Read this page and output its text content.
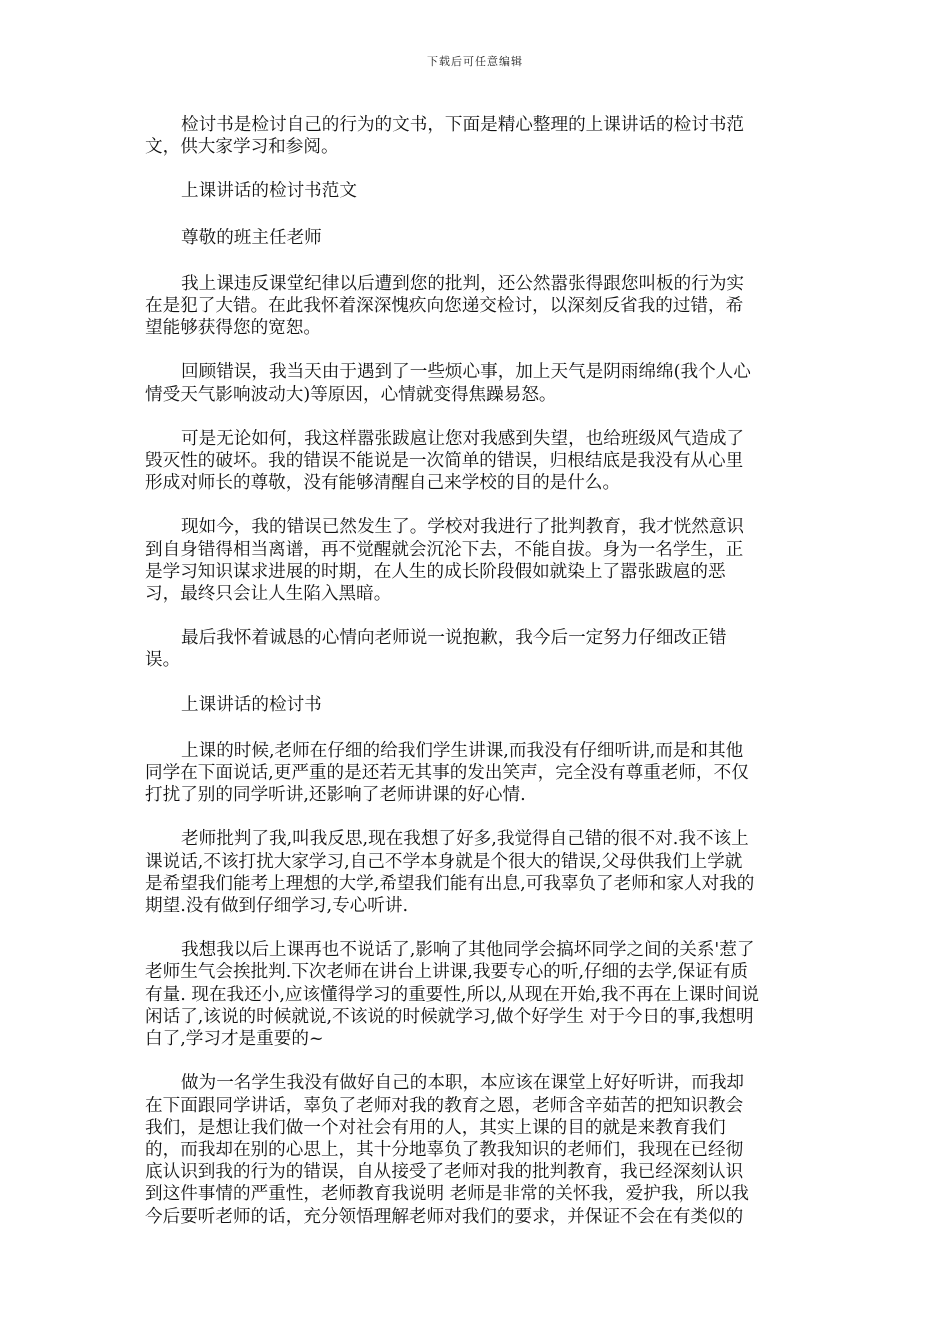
下载后可任意编辑

检讨书是检讨自己的行为的文书，下面是精心整理的上课讲话的检讨书范
文，供大家学习和参阅。

上课讲话的检讨书范文

尊敬的班主任老师

我上课违反课堂纪律以后遭到您的批判，还公然嚣张得跟您叫板的行为实
在是犯了大错。在此我怀着深深愧疚向您递交检讨，以深刻反省我的过错，希
望能够获得您的宽恕。

回顾错误，我当天由于遇到了一些烦心事，加上天气是阴雨绵绵(我个人心
情受天气影响波动大)等原因，心情就变得焦躁易怒。

可是无论如何，我这样嚣张跋扈让您对我感到失望，也给班级风气造成了
毁灭性的破坏。我的错误不能说是一次简单的错误，归根结底是我没有从心里
形成对师长的尊敬，没有能够清醒自己来学校的目的是什么。

现如今，我的错误已然发生了。学校对我进行了批判教育，我才恍然意识
到自身错得相当离谱，再不觉醒就会沉沦下去，不能自拔。身为一名学生，正
是学习知识谋求进展的时期，在人生的成长阶段假如就染上了嚣张跋扈的恶
习，最终只会让人生陷入黑暗。

最后我怀着诚恳的心情向老师说一说抱歉，我今后一定努力仔细改正错
误。

上课讲话的检讨书

上课的时候,老师在仔细的给我们学生讲课,而我没有仔细听讲,而是和其他
同学在下面说话,更严重的是还若无其事的发出笑声，完全没有尊重老师，不仅
打扰了别的同学听讲,还影响了老师讲课的好心情.

老师批判了我,叫我反思,现在我想了好多,我觉得自己错的很不对.我不该上
课说话,不该打扰大家学习,自己不学本身就是个很大的错误,父母供我们上学就
是希望我们能考上理想的大学,希望我们能有出息,可我辜负了老师和家人对我的
期望.没有做到仔细学习,专心听讲.

我想我以后上课再也不说话了,影响了其他同学会搞坏同学之间的关系'惹了
老师生气会挨批判.下次老师在讲台上讲课,我要专心的听,仔细的去学,保证有质
有量. 现在我还小,应该懂得学习的重要性,所以,从现在开始,我不再在上课时间说
闲话了,该说的时候就说,不该说的时候就学习,做个好学生 对于今日的事,我想明
白了,学习才是重要的~

做为一名学生我没有做好自己的本职，本应该在课堂上好好听讲，而我却
在下面跟同学讲话，辜负了老师对我的教育之恩，老师含辛茹苦的把知识教会
我们，是想让我们做一个对社会有用的人，其实上课的目的就是来教育我们
的，而我却在别的心思上，其十分地辜负了教我知识的老师们，我现在已经彻
底认识到我的行为的错误，自从接受了老师对我的批判教育，我已经深刻认识
到这件事情的严重性，老师教育我说明 老师是非常的关怀我，爱护我，所以我
今后要听老师的话，充分领悟理解老师对我们的要求，并保证不会在有类似的
